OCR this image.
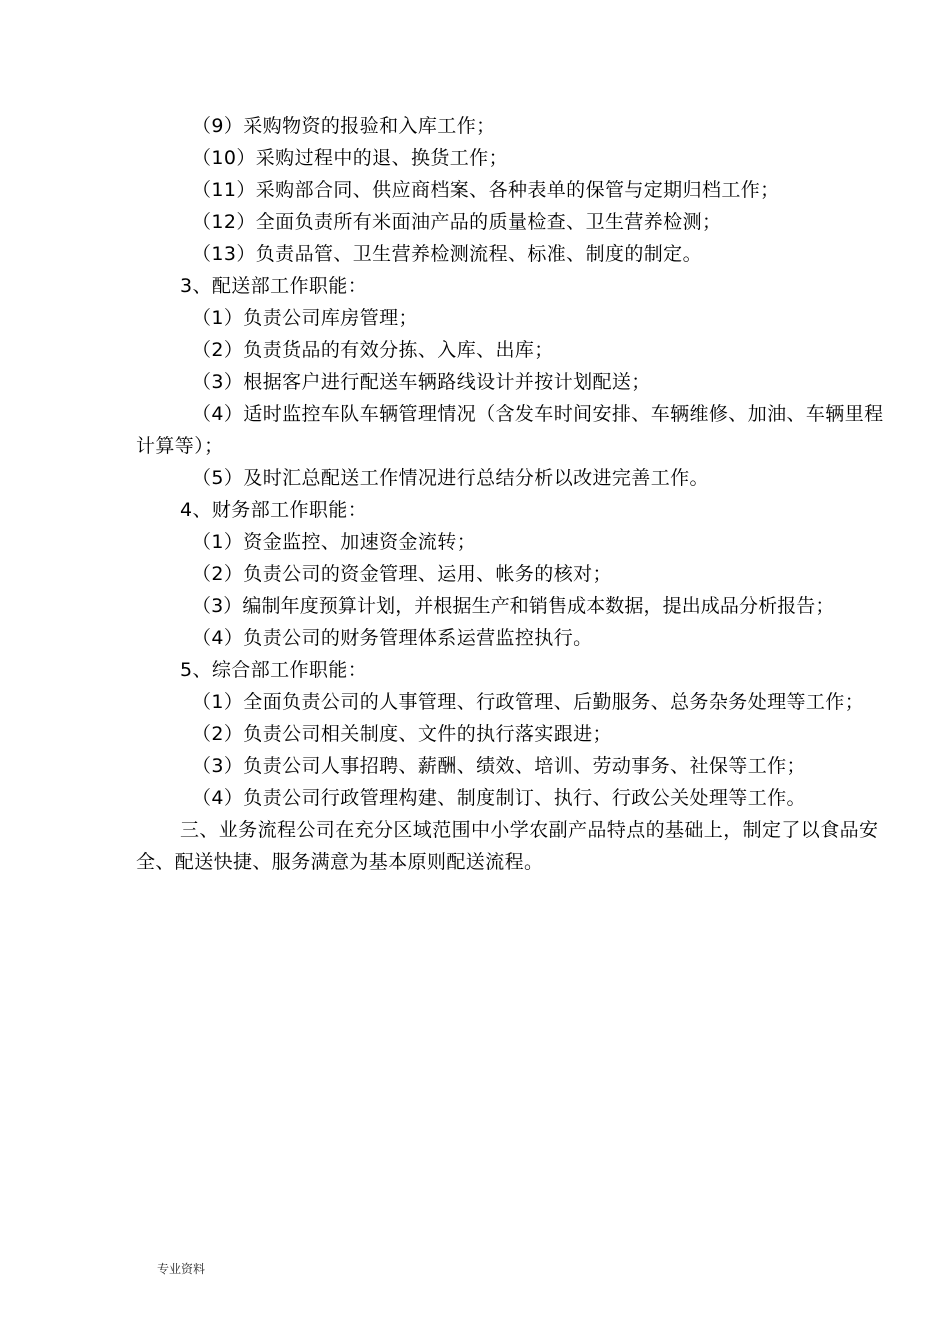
（9）采购物资的报验和入库工作；
（10）采购过程中的退、换货工作；
（11）采购部合同、供应商档案、各种表单的保管与定期归档工作；
（12）全面负责所有米面油产品的质量检查、卫生营养检测；
（13）负责品管、卫生营养检测流程、标准、制度的制定。
3、配送部工作职能：
（1）负责公司库房管理；
（2）负责货品的有效分拣、入库、出库；
（3）根据客户进行配送车辆路线设计并按计划配送；
（4）适时监控车队车辆管理情况（含发车时间安排、车辆维修、加油、车辆里程计算等）；
（5）及时汇总配送工作情况进行总结分析以改进完善工作。
4、财务部工作职能：
（1）资金监控、加速资金流转；
（2）负责公司的资金管理、运用、帐务的核对；
（3）编制年度预算计划，并根据生产和销售成本数据，提出成品分析报告；
（4）负责公司的财务管理体系运营监控执行。
5、综合部工作职能：
（1）全面负责公司的人事管理、行政管理、后勤服务、总务杂务处理等工作；
（2）负责公司相关制度、文件的执行落实跟进；
（3）负责公司人事招聘、薪酬、绩效、培训、劳动事务、社保等工作；
（4）负责公司行政管理构建、制度制订、执行、行政公关处理等工作。
三、业务流程公司在充分区域范围中小学农副产品特点的基础上，制定了以食品安全、配送快捷、服务满意为基本原则配送流程。
专业资料
